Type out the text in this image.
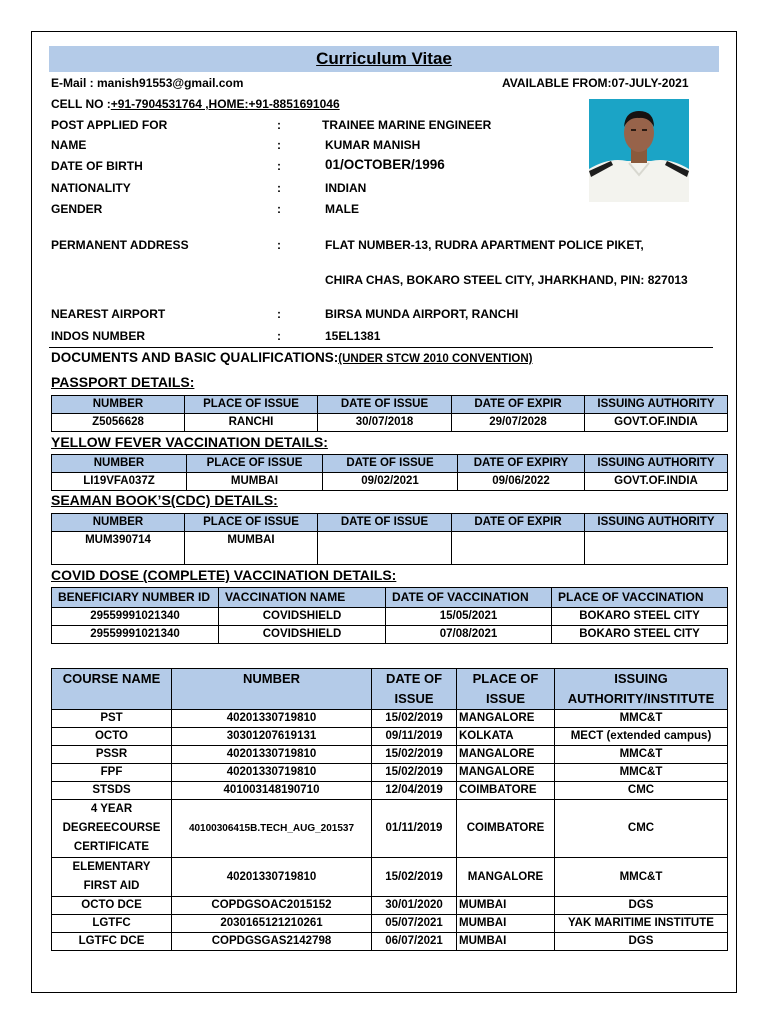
Curriculum Vitae
E-Mail : manish91553@gmail.com	AVAILABLE FROM:07-JULY-2021
CELL NO :+91-7904531764 ,HOME:+91-8851691046
POST APPLIED FOR	:	TRAINEE MARINE ENGINEER
NAME	:	KUMAR MANISH
DATE OF BIRTH	:	01/OCTOBER/1996
NATIONALITY	:	INDIAN
GENDER	:	MALE
PERMANENT ADDRESS	:	FLAT NUMBER-13, RUDRA APARTMENT POLICE PIKET,
CHIRA CHAS, BOKARO STEEL CITY, JHARKHAND, PIN: 827013
NEAREST AIRPORT	:	BIRSA MUNDA AIRPORT, RANCHI
INDOS NUMBER	:	15EL1381
DOCUMENTS AND BASIC QUALIFICATIONS:(UNDER STCW 2010 CONVENTION)
PASSPORT DETAILS:
NUMBER	PLACE OF ISSUE	DATE OF ISSUE	DATE OF EXPIR	ISSUING AUTHORITY
Z5056628	RANCHI	30/07/2018	29/07/2028	GOVT.OF.INDIA
YELLOW FEVER VACCINATION DETAILS:
NUMBER	PLACE OF ISSUE	DATE OF ISSUE	DATE OF EXPIRY	ISSUING AUTHORITY
LI19VFA037Z	MUMBAI	09/02/2021	09/06/2022	GOVT.OF.INDIA
SEAMAN BOOK’S(CDC) DETAILS:
NUMBER	PLACE OF ISSUE	DATE OF ISSUE	DATE OF EXPIR	ISSUING AUTHORITY
MUM390714	MUMBAI			
COVID DOSE (COMPLETE) VACCINATION DETAILS:
BENEFICIARY NUMBER ID	VACCINATION NAME	DATE OF VACCINATION	PLACE OF VACCINATION
29559991021340	COVIDSHIELD	15/05/2021	BOKARO STEEL CITY
29559991021340	COVIDSHIELD	07/08/2021	BOKARO STEEL CITY
COURSE NAME	NUMBER	DATE OF ISSUE	PLACE OF ISSUE	ISSUING AUTHORITY/INSTITUTE
PST	40201330719810	15/02/2019	MANGALORE	MMC&T
OCTO	30301207619131	09/11/2019	KOLKATA	MECT (extended campus)
PSSR	40201330719810	15/02/2019	MANGALORE	MMC&T
FPF	40201330719810	15/02/2019	MANGALORE	MMC&T
STSDS	401003148190710	12/04/2019	COIMBATORE	CMC
4 YEAR DEGREECOURSE CERTIFICATE	40100306415B.TECH_AUG_201537	01/11/2019	COIMBATORE	CMC
ELEMENTARY FIRST AID	40201330719810	15/02/2019	MANGALORE	MMC&T
OCTO DCE	COPDGSOAC2015152	30/01/2020	MUMBAI	DGS
LGTFC	2030165121210261	05/07/2021	MUMBAI	YAK MARITIME INSTITUTE
LGTFC DCE	COPDGSGAS2142798	06/07/2021	MUMBAI	DGS
